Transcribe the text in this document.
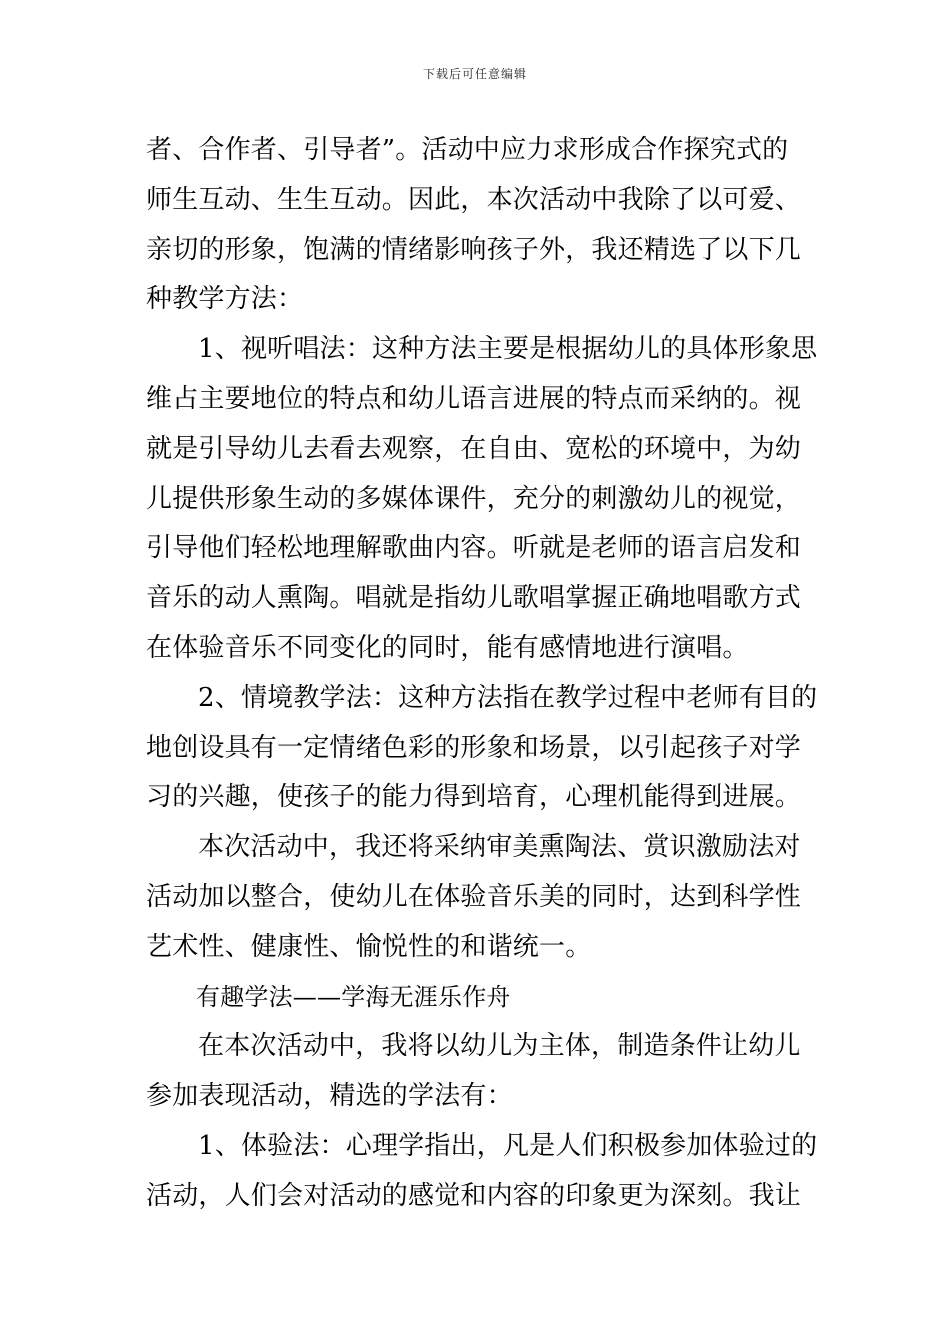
下载后可任意编辑
者、合作者、引导者”。活动中应力求形成合作探究式的
师生互动、生生互动。因此，本次活动中我除了以可爱、
亲切的形象，饱满的情绪影响孩子外，我还精选了以下几
种教学方法：
1、视听唱法：这种方法主要是根据幼儿的具体形象思
维占主要地位的特点和幼儿语言进展的特点而采纳的。视
就是引导幼儿去看去观察，在自由、宽松的环境中，为幼
儿提供形象生动的多媒体课件，充分的刺激幼儿的视觉，
引导他们轻松地理解歌曲内容。听就是老师的语言启发和
音乐的动人熏陶。唱就是指幼儿歌唱掌握正确地唱歌方式
在体验音乐不同变化的同时，能有感情地进行演唱。
2、情境教学法：这种方法指在教学过程中老师有目的
地创设具有一定情绪色彩的形象和场景，以引起孩子对学
习的兴趣，使孩子的能力得到培育，心理机能得到进展。
本次活动中，我还将采纳审美熏陶法、赏识激励法对
活动加以整合，使幼儿在体验音乐美的同时，达到科学性
艺术性、健康性、愉悦性的和谐统一。
有趣学法——学海无涯乐作舟
在本次活动中，我将以幼儿为主体，制造条件让幼儿
参加表现活动，精选的学法有：
1、体验法：心理学指出，凡是人们积极参加体验过的
活动，人们会对活动的感觉和内容的印象更为深刻。我让
